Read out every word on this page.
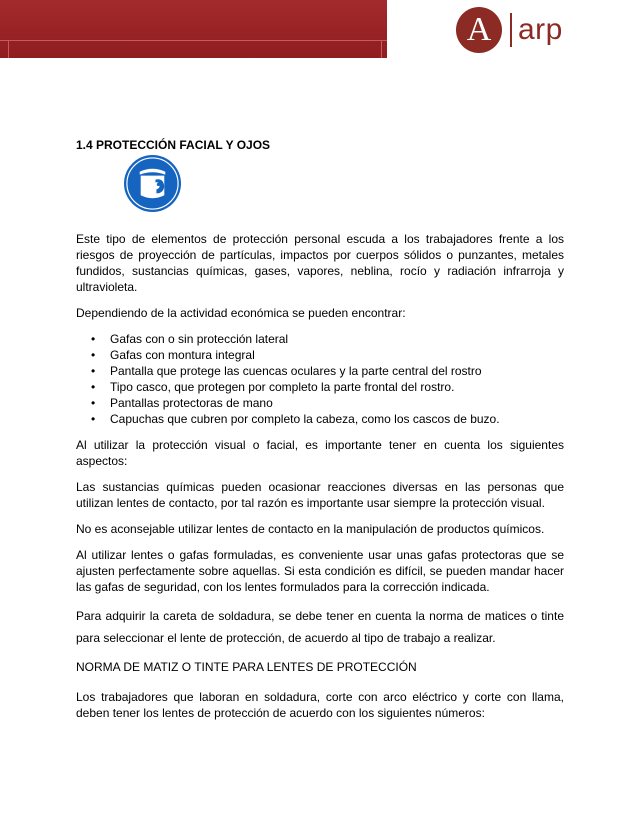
A arp
1.4 PROTECCIÓN FACIAL Y OJOS

Este tipo de elementos de protección personal escuda a los trabajadores frente a los riesgos de proyección de partículas, impactos por cuerpos sólidos o punzantes, metales fundidos, sustancias químicas, gases, vapores, neblina, rocío y radiación infrarroja y ultravioleta.

Dependiendo de la actividad económica se pueden encontrar:

• Gafas con o sin protección lateral
• Gafas con montura integral
• Pantalla que protege las cuencas oculares y la parte central del rostro
• Tipo casco, que protegen por completo la parte frontal del rostro.
• Pantallas protectoras de mano
• Capuchas que cubren por completo la cabeza, como los cascos de buzo.

Al utilizar la protección visual o facial, es importante tener en cuenta los siguientes aspectos:

Las sustancias químicas pueden ocasionar reacciones diversas en las personas que utilizan lentes de contacto, por tal razón es importante usar siempre la protección visual.

No es aconsejable utilizar lentes de contacto en la manipulación de productos químicos.

Al utilizar lentes o gafas formuladas, es conveniente usar unas gafas protectoras que se ajusten perfectamente sobre aquellas. Si esta condición es difícil, se pueden mandar hacer las gafas de seguridad, con los lentes formulados para la corrección indicada.

Para adquirir la careta de soldadura, se debe tener en cuenta la norma de matices o tinte para seleccionar el lente de protección, de acuerdo al tipo de trabajo a realizar.

NORMA DE MATIZ O TINTE PARA LENTES DE PROTECCIÓN

Los trabajadores que laboran en soldadura, corte con arco eléctrico y corte con llama, deben tener los lentes de protección de acuerdo con los siguientes números:
